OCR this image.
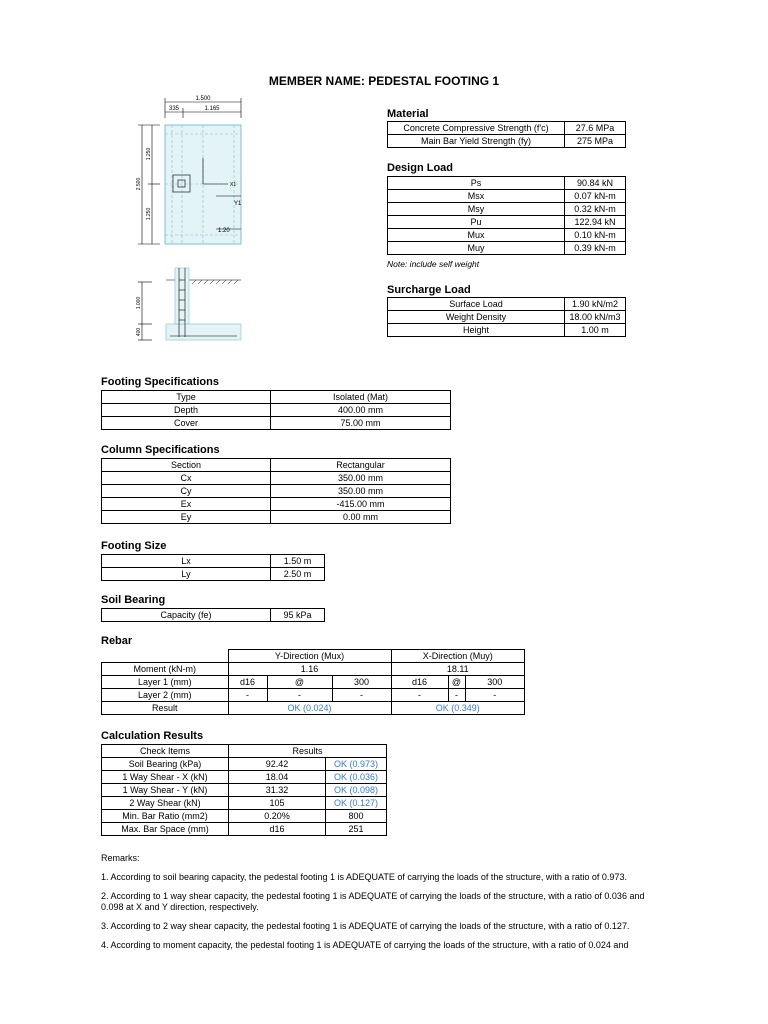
MEMBER NAME: PEDESTAL FOOTING 1
1.500
335	1.165
2.500
1.250
1.250
X1
Y1
1.20
1.000
400
Material
Concrete Compressive Strength (f'c)	27.6 MPa
Main Bar Yield Strength (fy)	275 MPa
Design Load
Ps	90.84 kN
Msx	0.07 kN-m
Msy	0.32 kN-m
Pu	122.94 kN
Mux	0.10 kN-m
Muy	0.39 kN-m
Note: include self weight
Surcharge Load
Surface Load	1.90 kN/m2
Weight Density	18.00 kN/m3
Height	1.00 m
Footing Specifications
Type	Isolated (Mat)
Depth	400.00 mm
Cover	75.00 mm
Column Specifications
Section	Rectangular
Cx	350.00 mm
Cy	350.00 mm
Ex	-415.00 mm
Ey	0.00 mm
Footing Size
Lx	1.50 m
Ly	2.50 m
Soil Bearing
Capacity (fe)	95 kPa
Rebar
	Y-Direction (Mux)			X-Direction (Muy)		
Moment (kN-m)	1.16			18.11		
Layer 1 (mm)	d16	@	300	d16	@	300
Layer 2 (mm)	-	-	-	-	-	-
Result	OK (0.024)			OK (0.349)		
Calculation Results
Check Items	Results	
Soil Bearing (kPa)	92.42	OK (0.973)
1 Way Shear - X (kN)	18.04	OK (0.036)
1 Way Shear - Y (kN)	31.32	OK (0.098)
2 Way Shear (kN)	105	OK (0.127)
Min. Bar Ratio (mm2)	0.20%	800
Max. Bar Space (mm)	d16	251

Remarks:

1. According to soil bearing capacity, the pedestal footing 1 is ADEQUATE of carrying the loads of the structure, with a ratio of 0.973.

2. According to 1 way shear capacity, the pedestal footing 1 is ADEQUATE of carrying the loads of the structure, with a ratio of 0.036 and 0.098 at X and Y direction, respectively.

3. According to 2 way shear capacity, the pedestal footing 1 is ADEQUATE of carrying the loads of the structure, with a ratio of 0.127.

4. According to moment capacity, the pedestal footing 1 is ADEQUATE of carrying the loads of the structure, with a ratio of 0.024 and
